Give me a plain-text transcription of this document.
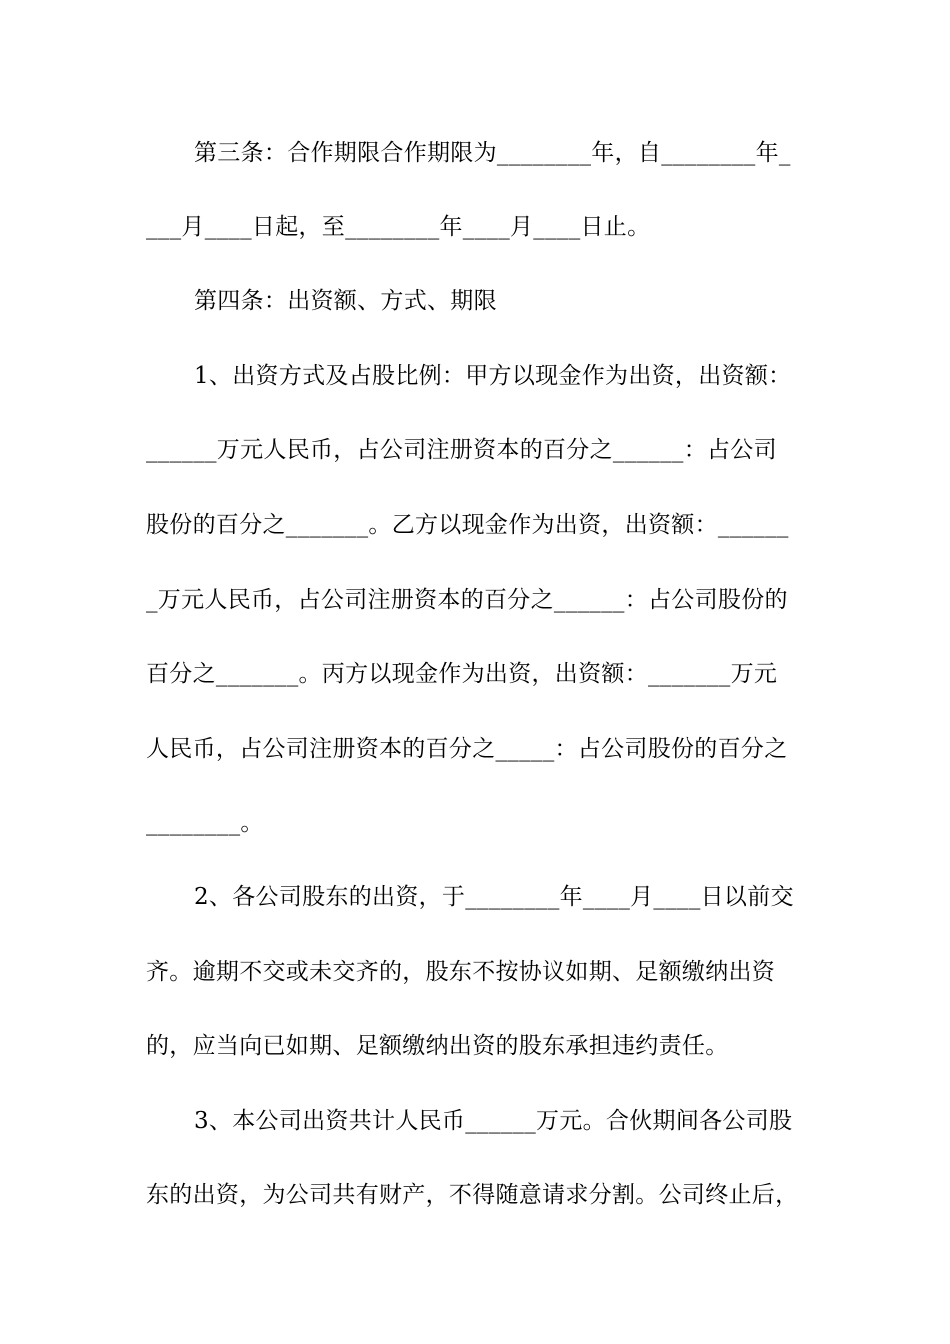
第三条：合作期限合作期限为________年，自________年_
___月____日起，至________年____月____日止。
第四条：出资额、方式、期限
1、出资方式及占股比例：甲方以现金作为出资，出资额：
______万元人民币，占公司注册资本的百分之______：占公司
股份的百分之_______。乙方以现金作为出资，出资额：______
_万元人民币，占公司注册资本的百分之______：占公司股份的
百分之_______。丙方以现金作为出资，出资额：_______万元
人民币，占公司注册资本的百分之_____：占公司股份的百分之
________。
2、各公司股东的出资，于________年____月____日以前交
齐。逾期不交或未交齐的，股东不按协议如期、足额缴纳出资
的，应当向已如期、足额缴纳出资的股东承担违约责任。
3、本公司出资共计人民币______万元。合伙期间各公司股
东的出资，为公司共有财产，不得随意请求分割。公司终止后，
